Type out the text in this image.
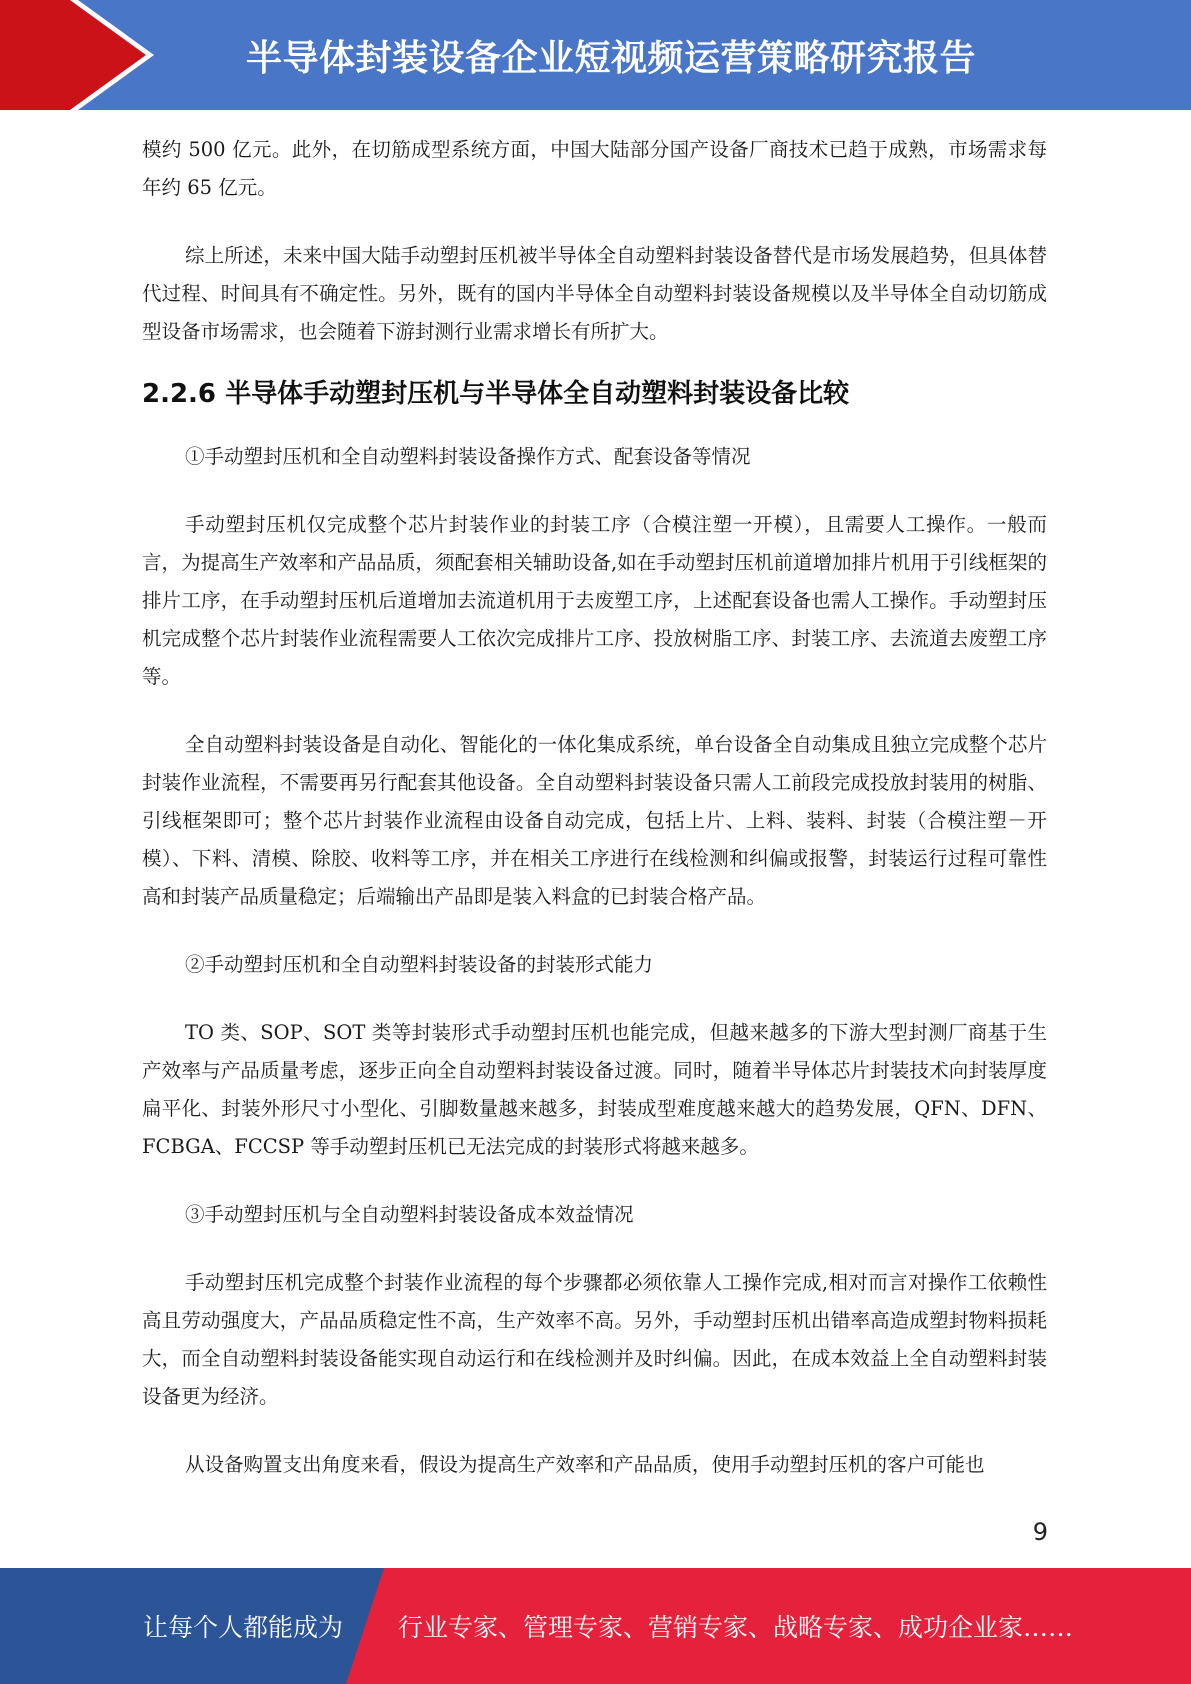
半导体封装设备企业短视频运营策略研究报告

模约 500 亿元。此外，在切筋成型系统方面，中国大陆部分国产设备厂商技术已趋于成熟，市场需求每年约 65 亿元。

综上所述，未来中国大陆手动塑封压机被半导体全自动塑料封装设备替代是市场发展趋势，但具体替代过程、时间具有不确定性。另外，既有的国内半导体全自动塑料封装设备规模以及半导体全自动切筋成型设备市场需求，也会随着下游封测行业需求增长有所扩大。

2.2.6 半导体手动塑封压机与半导体全自动塑料封装设备比较

①手动塑封压机和全自动塑料封装设备操作方式、配套设备等情况

手动塑封压机仅完成整个芯片封装作业的封装工序（合模注塑一开模），且需要人工操作。一般而言，为提高生产效率和产品品质，须配套相关辅助设备,如在手动塑封压机前道增加排片机用于引线框架的排片工序，在手动塑封压机后道增加去流道机用于去废塑工序，上述配套设备也需人工操作。手动塑封压机完成整个芯片封装作业流程需要人工依次完成排片工序、投放树脂工序、封装工序、去流道去废塑工序等。

全自动塑料封装设备是自动化、智能化的一体化集成系统，单台设备全自动集成且独立完成整个芯片封装作业流程，不需要再另行配套其他设备。全自动塑料封装设备只需人工前段完成投放封装用的树脂、引线框架即可；整个芯片封装作业流程由设备自动完成，包括上片、上料、装料、封装（合模注塑－开模）、下料、清模、除胶、收料等工序，并在相关工序进行在线检测和纠偏或报警，封装运行过程可靠性高和封装产品质量稳定；后端输出产品即是装入料盒的已封装合格产品。

②手动塑封压机和全自动塑料封装设备的封装形式能力

TO 类、SOP、SOT 类等封装形式手动塑封压机也能完成，但越来越多的下游大型封测厂商基于生产效率与产品质量考虑，逐步正向全自动塑料封装设备过渡。同时，随着半导体芯片封装技术向封装厚度扁平化、封装外形尺寸小型化、引脚数量越来越多，封装成型难度越来越大的趋势发展，QFN、DFN、FCBGA、FCCSP 等手动塑封压机已无法完成的封装形式将越来越多。

③手动塑封压机与全自动塑料封装设备成本效益情况

手动塑封压机完成整个封装作业流程的每个步骤都必须依靠人工操作完成,相对而言对操作工依赖性高且劳动强度大，产品品质稳定性不高，生产效率不高。另外，手动塑封压机出错率高造成塑封物料损耗大，而全自动塑料封装设备能实现自动运行和在线检测并及时纠偏。因此，在成本效益上全自动塑料封装设备更为经济。

从设备购置支出角度来看，假设为提高生产效率和产品品质，使用手动塑封压机的客户可能也

9
让每个人都能成为 行业专家、管理专家、营销专家、战略专家、成功企业家……
